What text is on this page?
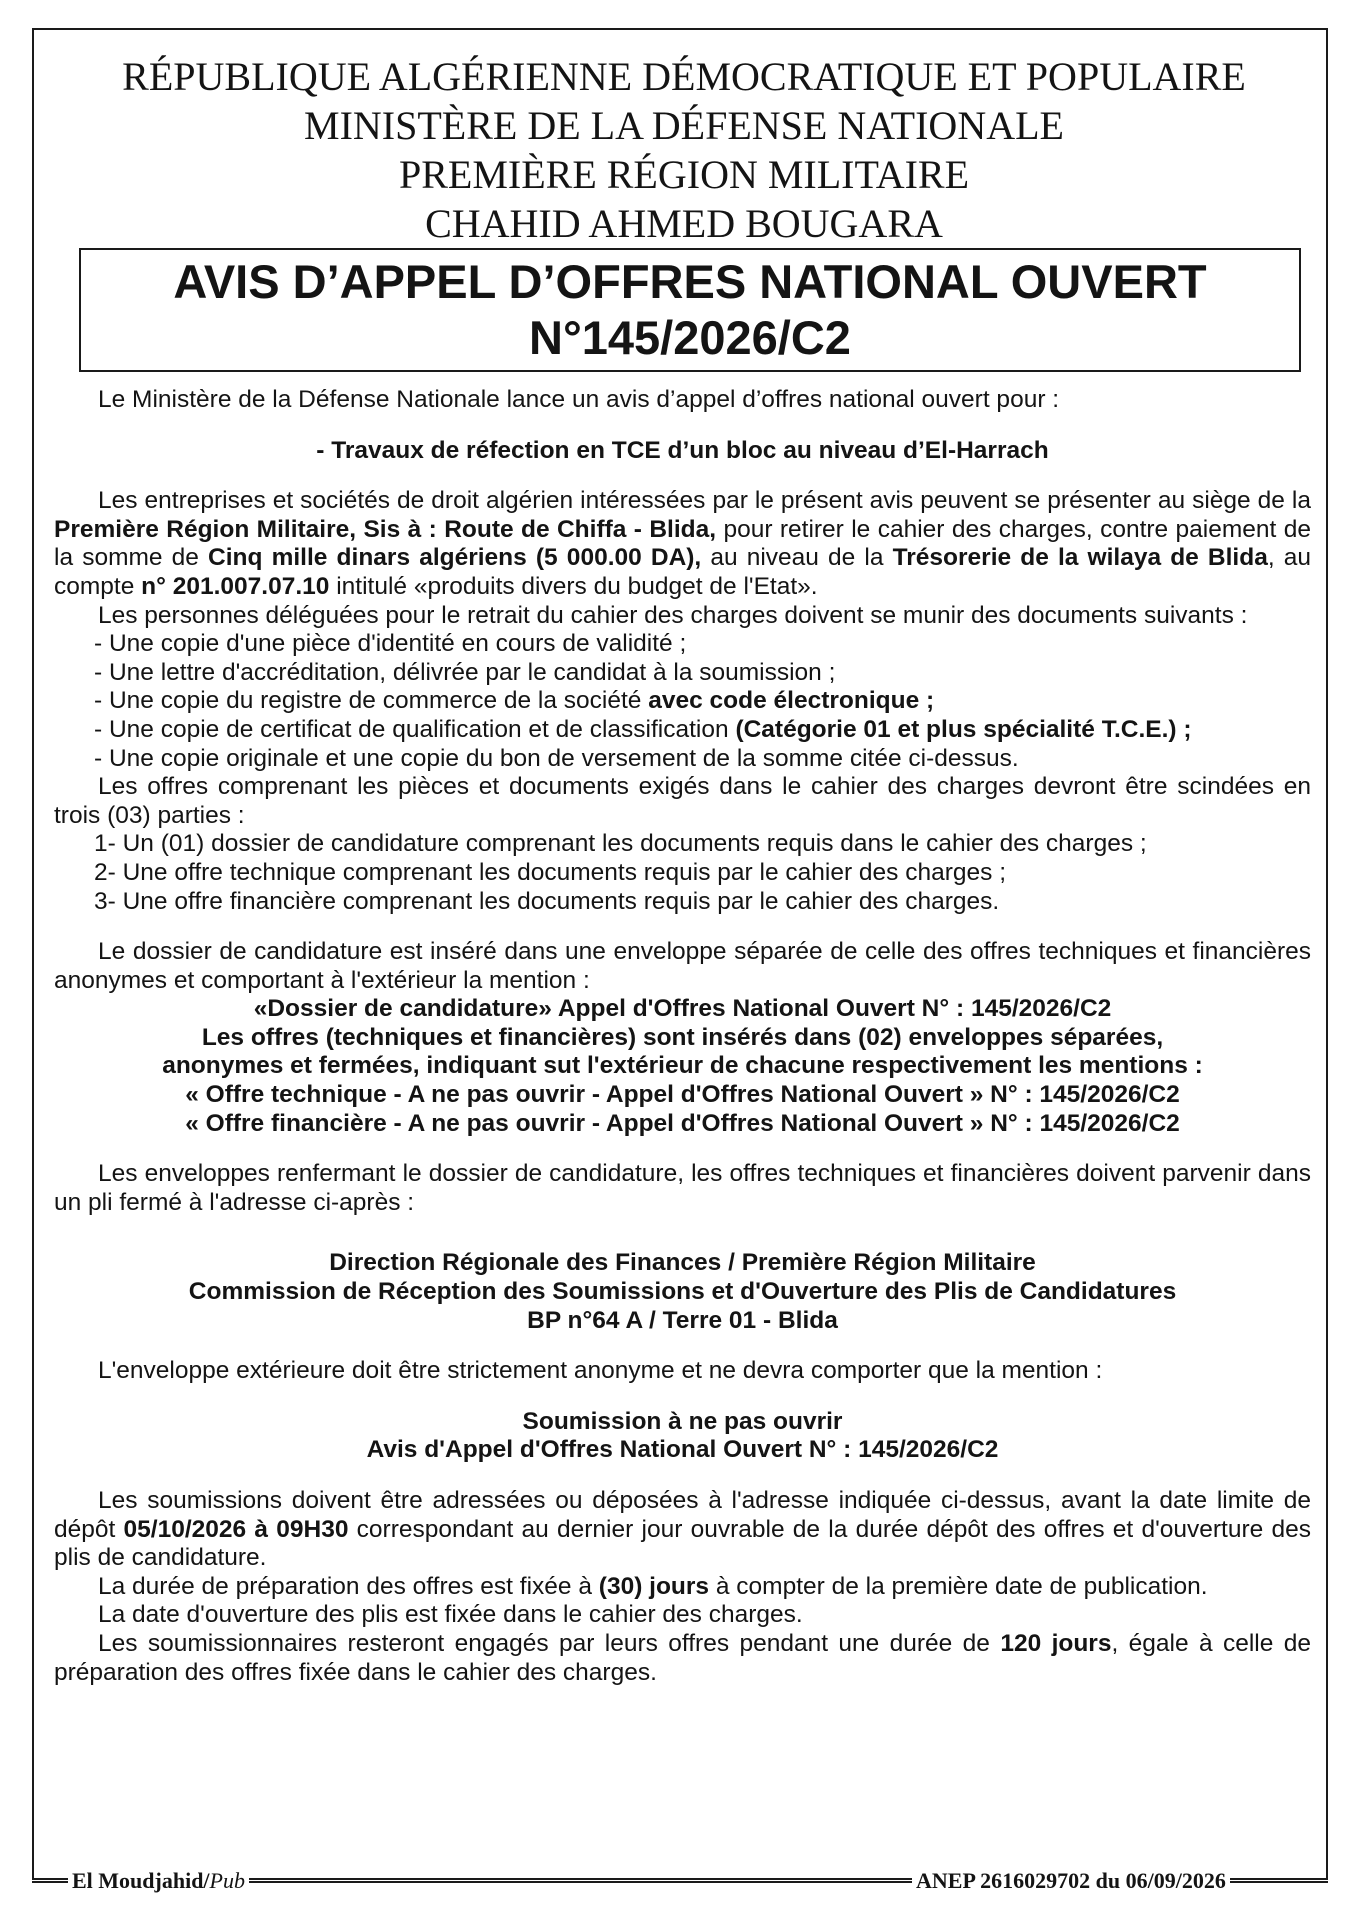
RÉPUBLIQUE ALGÉRIENNE DÉMOCRATIQUE ET POPULAIRE
MINISTÈRE DE LA DÉFENSE NATIONALE
PREMIÈRE RÉGION MILITAIRE
CHAHID AHMED BOUGARA
AVIS D’APPEL D’OFFRES NATIONAL OUVERT
N°145/2026/C2

Le Ministère de la Défense Nationale lance un avis d’appel d’offres national ouvert pour :

- Travaux de réfection en TCE d’un bloc au niveau d’El-Harrach

Les entreprises et sociétés de droit algérien intéressées par le présent avis peuvent se présenter au siège de la Première Région Militaire, Sis à : Route de Chiffa - Blida, pour retirer le cahier des charges, contre paiement de la somme de Cinq mille dinars algériens (5 000.00 DA), au niveau de la Trésorerie de la wilaya de Blida, au compte n° 201.007.07.10 intitulé «produits divers du budget de l'Etat».

Les personnes déléguées pour le retrait du cahier des charges doivent se munir des documents suivants :

- Une copie d'une pièce d'identité en cours de validité ;

- Une lettre d'accréditation, délivrée par le candidat à la soumission ;

- Une copie du registre de commerce de la société avec code électronique ;

- Une copie de certificat de qualification et de classification (Catégorie 01 et plus spécialité T.C.E.) ;

- Une copie originale et une copie du bon de versement de la somme citée ci-dessus.

Les offres comprenant les pièces et documents exigés dans le cahier des charges devront être scindées en trois (03) parties :

1- Un (01) dossier de candidature comprenant les documents requis dans le cahier des charges ;

2- Une offre technique comprenant les documents requis par le cahier des charges ;

3- Une offre financière comprenant les documents requis par le cahier des charges.

Le dossier de candidature est inséré dans une enveloppe séparée de celle des offres techniques et financières anonymes et comportant à l'extérieur la mention :

«Dossier de candidature» Appel d'Offres National Ouvert N° : 145/2026/C2

Les offres (techniques et financières) sont insérés dans (02) enveloppes séparées,

anonymes et fermées, indiquant sut l'extérieur de chacune respectivement les mentions :

« Offre technique - A ne pas ouvrir - Appel d'Offres National Ouvert » N° : 145/2026/C2

« Offre financière - A ne pas ouvrir - Appel d'Offres National Ouvert » N° : 145/2026/C2

Les enveloppes renfermant le dossier de candidature, les offres techniques et financières doivent parvenir dans un pli fermé à l'adresse ci-après :

Direction Régionale des Finances / Première Région Militaire

Commission de Réception des Soumissions et d'Ouverture des Plis de Candidatures

BP n°64 A / Terre 01 - Blida

L'enveloppe extérieure doit être strictement anonyme et ne devra comporter que la mention :

Soumission à ne pas ouvrir

Avis d'Appel d'Offres National Ouvert N° : 145/2026/C2

Les soumissions doivent être adressées ou déposées à l'adresse indiquée ci-dessus, avant la date limite de dépôt 05/10/2026 à 09H30 correspondant au dernier jour ouvrable de la durée dépôt des offres et d'ouverture des plis de candidature.

La durée de préparation des offres est fixée à (30) jours à compter de la première date de publication.

La date d'ouverture des plis est fixée dans le cahier des charges.

Les soumissionnaires resteront engagés par leurs offres pendant une durée de 120 jours, égale à celle de préparation des offres fixée dans le cahier des charges.

El Moudjahid/Pub	ANEP 2616029702 du 06/09/2026
